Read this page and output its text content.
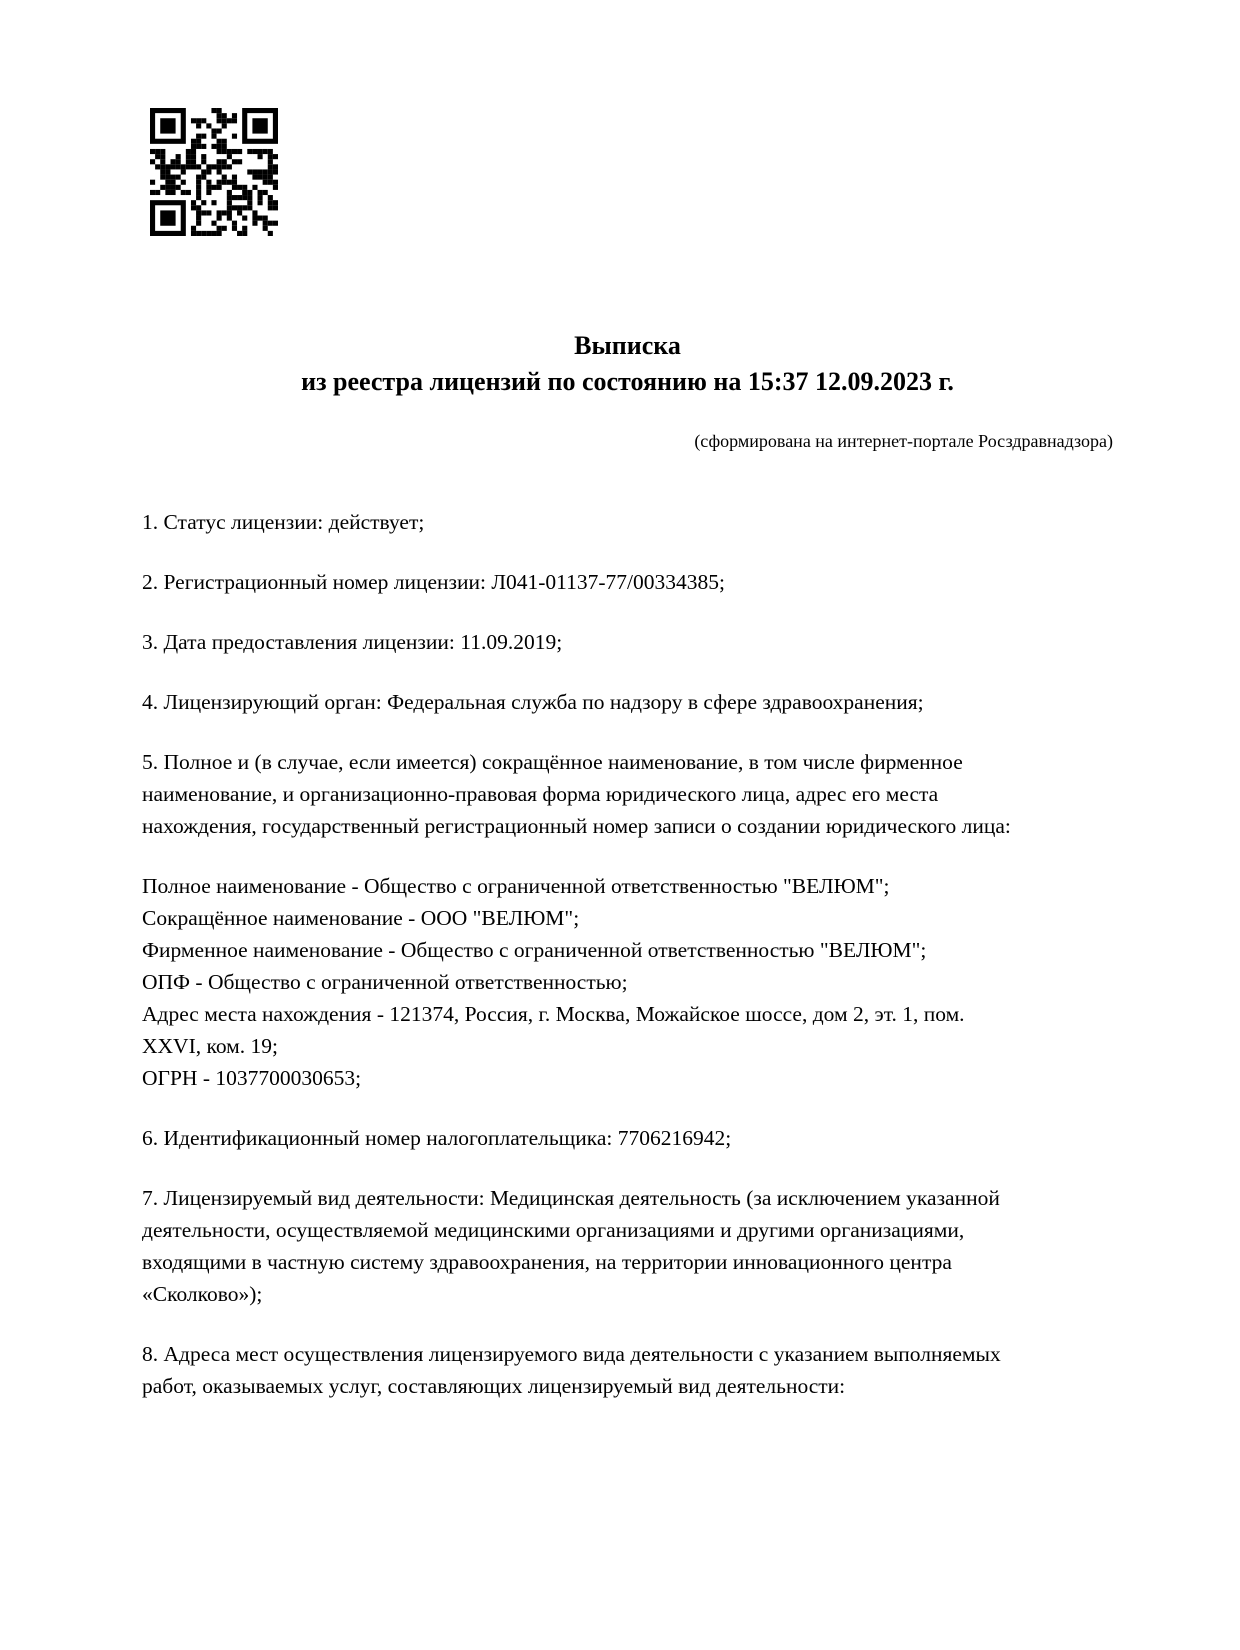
Выписка
из реестра лицензий по состоянию на 15:37 12.09.2023 г.
(сформирована на интернет-портале Росздравнадзора)

1. Статус лицензии: действует;

2. Регистрационный номер лицензии: Л041-01137-77/00334385;

3. Дата предоставления лицензии: 11.09.2019;

4. Лицензирующий орган: Федеральная служба по надзору в сфере здравоохранения;

5. Полное и (в случае, если имеется) сокращённое наименование, в том числе фирменное
наименование, и организационно-правовая форма юридического лица, адрес его места
нахождения, государственный регистрационный номер записи о создании юридического лица:

Полное наименование - Общество с ограниченной ответственностью "ВЕЛЮМ";
Сокращённое наименование - ООО "ВЕЛЮМ";
Фирменное наименование - Общество с ограниченной ответственностью "ВЕЛЮМ";
ОПФ - Общество с ограниченной ответственностью;
Адрес места нахождения - 121374, Россия, г. Москва, Можайское шоссе, дом 2, эт. 1, пом.
XXVI, ком. 19;
ОГРН - 1037700030653;

6. Идентификационный номер налогоплательщика: 7706216942;

7. Лицензируемый вид деятельности: Медицинская деятельность (за исключением указанной
деятельности, осуществляемой медицинскими организациями и другими организациями,
входящими в частную систему здравоохранения, на территории инновационного центра
«Сколково»);

8. Адреса мест осуществления лицензируемого вида деятельности с указанием выполняемых
работ, оказываемых услуг, составляющих лицензируемый вид деятельности:
